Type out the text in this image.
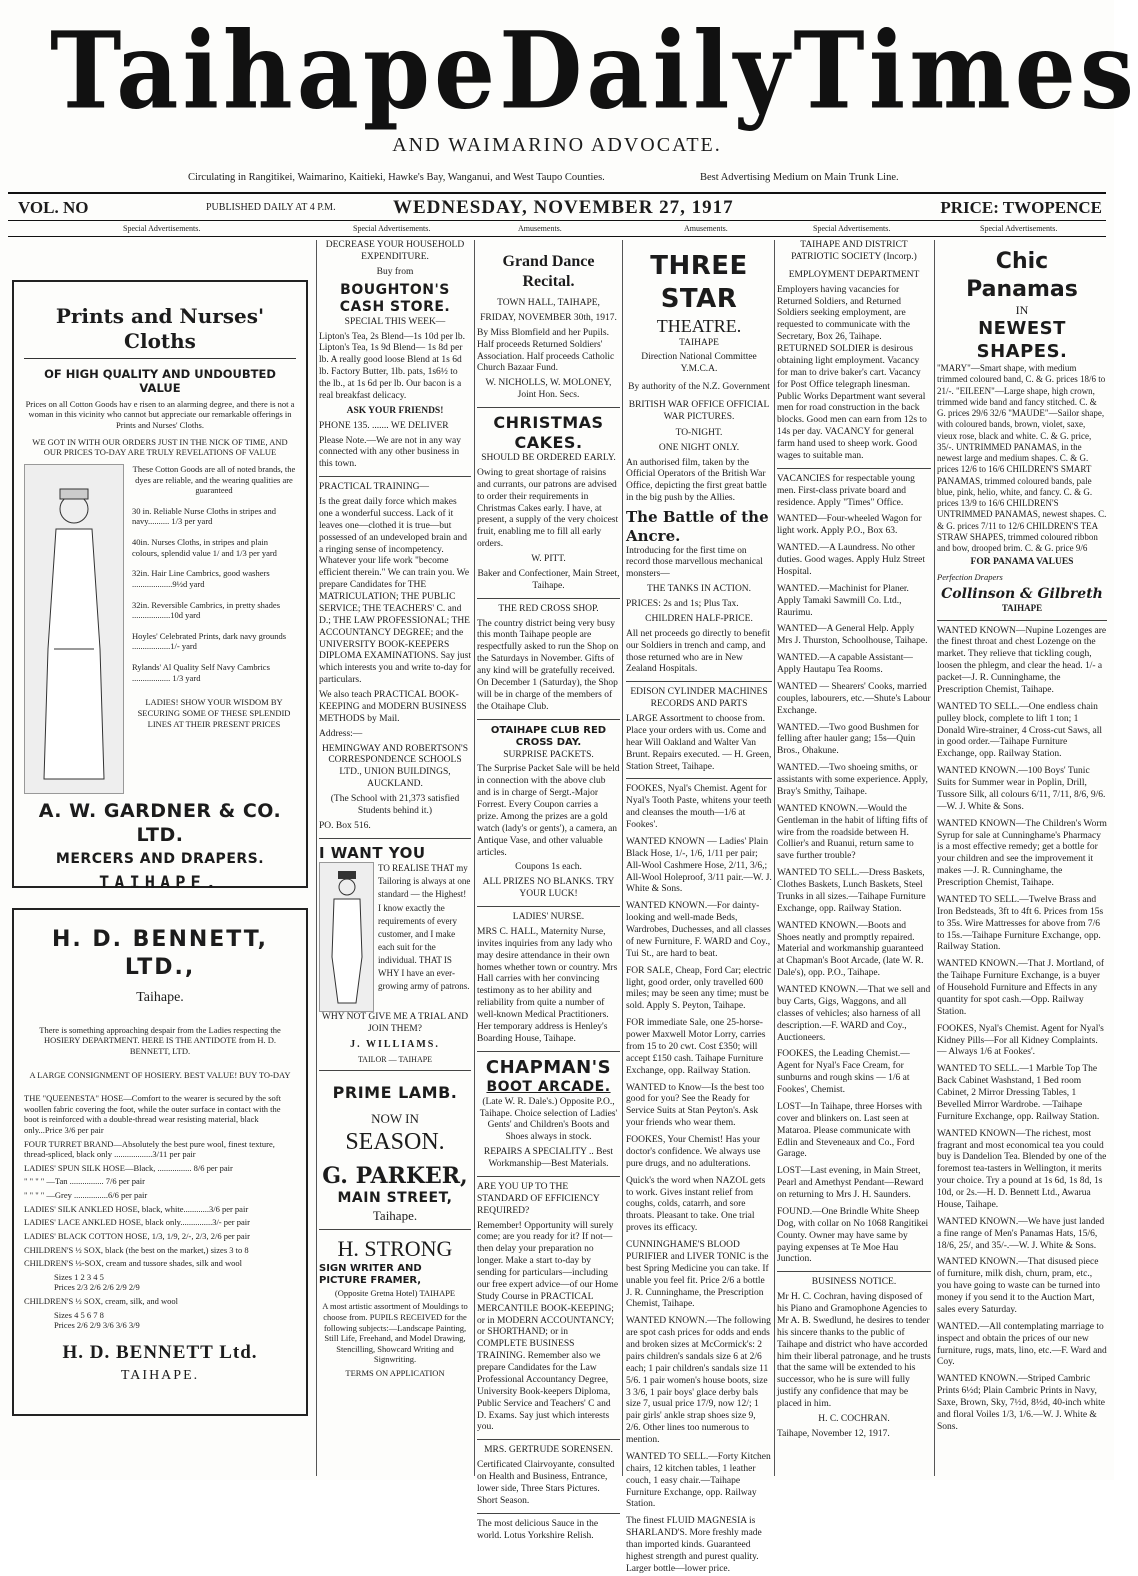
Taihape Daily Times
AND WAIMARINO ADVOCATE.
Circulating in Rangitikei, Waimarino, Kaitieki, Hawke's Bay, Wanganui, and West Taupo Counties.	Best Advertising Medium on Main Trunk Line.
VOL. NO	PUBLISHED DAILY AT 4 P.M.	WEDNESDAY, NOVEMBER 27, 1917	PRICE: TWOPENCE
Special Advertisements.	Special Advertisements.	Amusements.	Amusements.	Special Advertisements.	Special Advertisements.
Prints and Nurses' Cloths
OF HIGH QUALITY AND UNDOUBTED VALUE

Prices on all Cotton Goods hav e risen to an alarming degree, and there is not a woman in this vicinity who cannot but appreciate our remarkable offerings in Prints and Nurses' Cloths.

WE GOT IN WITH OUR ORDERS JUST IN THE NICK OF TIME, AND OUR PRICES TO-DAY ARE TRULY REVELATIONS OF VALUE

These Cotton Goods are all of noted brands, the dyes are reliable, and the wearing qualities are guaranteed

30 in. Reliable Nurse Cloths in stripes and navy.......... 1/3 per yard

40in. Nurses Cloths, in stripes and plain colours, splendid value 1/ and 1/3 per yard

32in. Hair Line Cambrics, good washers ...................9½d yard

32in. Reversible Cambrics, in pretty shades ..................10d yard

Hoyles' Celebrated Prints, dark navy grounds ..................1/- yard

Rylands' Al Quality Self Navy Cambrics .................. 1/3 yard

LADIES! SHOW YOUR WISDOM BY SECURING SOME OF THESE SPLENDID LINES AT THEIR PRESENT PRICES

A. W. GARDNER & CO. LTD.
MERCERS AND DRAPERS.
TAIHAPE.
H. D. BENNETT, LTD.,
Taihape.

There is something approaching despair from the Ladies respecting the HOSIERY DEPARTMENT. HERE IS THE ANTIDOTE from H. D. BENNETT, LTD.

A LARGE CONSIGNMENT OF HOSIERY. BEST VALUE! BUY TO-DAY

THE "QUEENESTA" HOSE—Comfort to the wearer is secured by the soft woollen fabric covering the foot, while the outer surface in contact with the boot is reinforced with a double-thread wear resisting material, black only...Price 3/6 per pair

FOUR TURRET BRAND—Absolutely the best pure wool, finest texture, thread-spliced, black only ..................3/11 per pair

LADIES' SPUN SILK HOSE—Black, ................ 8/6 per pair

" " " " —Tan ................ 7/6 per pair

" " " " —Grey ................6/6 per pair

LADIES' SILK ANKLED HOSE, black, white............3/6 per pair

LADIES' LACE ANKLED HOSE, black only...............3/- per pair

LADIES' BLACK COTTON HOSE, 1/3, 1/9, 2/-, 2/3, 2/6 per pair

CHILDREN'S ½ SOX, black (the best on the market,) sizes 3 to 8

CHILDREN'S ½-SOX, cream and tussore shades, silk and wool

Sizes 1 2 3 4 5

Prices 2/3 2/6 2/6 2/9 2/9

CHILDREN'S ½ SOX, cream, silk, and wool

Sizes 4 5 6 7 8

Prices 2/6 2/9 3/6 3/6 3/9

H. D. BENNETT Ltd.
TAIHAPE.

DECREASE YOUR HOUSEHOLD EXPENDITURE.

Buy from

BOUGHTON'S
CASH STORE.

SPECIAL THIS WEEK—

Lipton's Tea, 2s Blend—1s 10d per lb. Lipton's Tea, 1s 9d Blend— 1s 8d per lb. A really good loose Blend at 1s 6d lb. Factory Butter, 1lb. pats, 1s6½ to the lb., at 1s 6d per lb. Our bacon is a real breakfast delicacy.

ASK YOUR FRIENDS!

PHONE 135. ....... WE DELIVER

Please Note.—We are not in any way connected with any other business in this town.

PRACTICAL TRAINING—

Is the great daily force which makes one a wonderful success. Lack of it leaves one—clothed it is true—but possessed of an undeveloped brain and a ringing sense of incompetency. Whatever your life work "become efficient therein." We can train you. We prepare Candidates for THE MATRICULATION; THE PUBLIC SERVICE; THE TEACHERS' C. and D.; THE LAW PROFESSIONAL; THE ACCOUNTANCY DEGREE; and the UNIVERSITY BOOK-KEEPERS DIPLOMA EXAMINATIONS. Say just which interests you and write to-day for particulars.

We also teach PRACTICAL BOOK-KEEPING and MODERN BUSINESS METHODS by Mail.

Address:—

HEMINGWAY AND ROBERTSON'S CORRESPONDENCE SCHOOLS LTD., UNION BUILDINGS, AUCKLAND.

(The School with 21,373 satisfied Students behind it.)

PO. Box 516.

I WANT YOU

TO REALISE THAT my Tailoring is always at one standard — the Highest! I know exactly the requirements of every customer, and I make each suit for the individual. THAT IS WHY I have an ever-growing army of patrons.

WHY NOT GIVE ME A TRIAL AND JOIN THEM?

J. WILLIAMS.

TAILOR — TAIHAPE

PRIME LAMB.
NOW IN
SEASON.
G. PARKER,
MAIN STREET,
Taihape.
H. STRONG
SIGN WRITER AND PICTURE FRAMER,

(Opposite Gretna Hotel) TAIHAPE

A most artistic assortment of Mouldings to choose from. PUPILS RECEIVED for the following subjects:—Landscape Painting, Still Life, Freehand, and Model Drawing, Stencilling, Showcard Writing and Signwriting.

TERMS ON APPLICATION

Grand Dance Recital.

TOWN HALL, TAIHAPE,

FRIDAY, NOVEMBER 30th, 1917.

By Miss Blomfield and her Pupils. Half proceeds Returned Soldiers' Association. Half proceeds Catholic Church Bazaar Fund.

W. NICHOLLS, W. MOLONEY, Joint Hon. Secs.

CHRISTMAS CAKES.

SHOULD BE ORDERED EARLY.

Owing to great shortage of raisins and currants, our patrons are advised to order their requirements in Christmas Cakes early. I have, at present, a supply of the very choicest fruit, enabling me to fill all early orders.

W. PITT.

Baker and Confectioner, Main Street, Taihape.

THE RED CROSS SHOP.

The country district being very busy this month Taihape people are respectfully asked to run the Shop on the Saturdays in November. Gifts of any kind will be gratefully received. On December 1 (Saturday), the Shop will be in charge of the members of the Otaihape Club.

OTAIHAPE CLUB RED CROSS DAY.

SURPRISE PACKETS.

The Surprise Packet Sale will be held in connection with the above club and is in charge of Sergt.-Major Forrest. Every Coupon carries a prize. Among the prizes are a gold watch (lady's or gents'), a camera, an Antique Vase, and other valuable articles.

Coupons 1s each.

ALL PRIZES NO BLANKS. TRY YOUR LUCK!

LADIES' NURSE.

MRS C. HALL, Maternity Nurse, invites inquiries from any lady who may desire attendance in their own homes whether town or country. Mrs Hall carries with her convincing testimony as to her ability and reliability from quite a number of well-known Medical Practitioners. Her temporary address is Henley's Boarding House, Taihape.

CHAPMAN'S
BOOT ARCADE.

(Late W. R. Dale's.) Opposite P.O., Taihape. Choice selection of Ladies' Gents' and Children's Boots and Shoes always in stock.

REPAIRS A SPECIALITY .. Best Workmanship—Best Materials.

ARE YOU UP TO THE STANDARD OF EFFICIENCY REQUIRED?

Remember! Opportunity will surely come; are you ready for it? If not—then delay your preparation no longer. Make a start to-day by sending for particulars—including our free expert advice—of our Home Study Course in PRACTICAL MERCANTILE BOOK-KEEPING; or in MODERN ACCOUNTANCY; or SHORTHAND; or in COMPLETE BUSINESS TRAINING. Remember also we prepare Candidates for the Law Professional Accountancy Degree, University Book-keepers Diploma, Public Service and Teachers' C and D. Exams. Say just which interests you.

MRS. GERTRUDE SORENSEN.

Certificated Clairvoyante, consulted on Health and Business, Entrance, lower side, Three Stars Pictures. Short Season.

The most delicious Sauce in the world. Lotus Yorkshire Relish.

THREE STAR
THEATRE.

TAIHAPE

Direction National Committee Y.M.C.A.

By authority of the N.Z. Government

BRITISH WAR OFFICE OFFICIAL WAR PICTURES.

TO-NIGHT.

ONE NIGHT ONLY.

An authorised film, taken by the Official Operators of the British War Office, depicting the first great battle in the big push by the Allies.

The Battle of the Ancre.

Introducing for the first time on record those marvellous mechanical monsters—

THE TANKS IN ACTION.

PRICES: 2s and 1s; Plus Tax.

CHILDREN HALF-PRICE.

All net proceeds go directly to benefit our Soldiers in trench and camp, and those returned who are in New Zealand Hospitals.

EDISON CYLINDER MACHINES RECORDS AND PARTS

LARGE Assortment to choose from. Place your orders with us. Come and hear Will Oakland and Walter Van Brunt. Repairs executed. — H. Green, Station Street, Taihape.

FOOKES, Nyal's Chemist. Agent for Nyal's Tooth Paste, whitens your teeth and cleanses the mouth—1/6 at Fookes'.

WANTED KNOWN — Ladies' Plain Black Hose, 1/-, 1/6, 1/11 per pair; All-Wool Cashmere Hose, 2/11, 3/6,; All-Wool Holeproof, 3/11 pair.—W. J. White & Sons.

WANTED KNOWN.—For dainty-looking and well-made Beds, Wardrobes, Duchesses, and all classes of new Furniture, F. WARD and Coy., Tui St., are hard to beat.

FOR SALE, Cheap, Ford Car; electric light, good order, only travelled 600 miles; may be seen any time; must be sold. Apply S. Peyton, Taihape.

FOR immediate Sale, one 25-horse-power Maxwell Motor Lorry, carries from 15 to 20 cwt. Cost £350; will accept £150 cash. Taihape Furniture Exchange, opp. Railway Station.

WANTED to Know—Is the best too good for you? See the Ready for Service Suits at Stan Peyton's. Ask your friends who wear them.

FOOKES, Your Chemist! Has your doctor's confidence. We always use pure drugs, and no adulterations.

Quick's the word when NAZOL gets to work. Gives instant relief from coughs, colds, catarrh, and sore throats. Pleasant to take. One trial proves its efficacy.

CUNNINGHAME'S BLOOD PURIFIER and LIVER TONIC is the best Spring Medicine you can take. If unable you feel fit. Price 2/6 a bottle J. R. Cunninghame, the Prescription Chemist, Taihape.

WANTED KNOWN.—The following are spot cash prices for odds and ends and broken sizes at McCormick's: 2 pairs children's sandals size 6 at 2/6 each; 1 pair children's sandals size 11 5/6. 1 pair women's house boots, size 3 3/6, 1 pair boys' glace derby bals size 7, usual price 17/9, now 12/; 1 pair girls' ankle strap shoes size 9, 2/6. Other lines too numerous to mention.

WANTED TO SELL.—Forty Kitchen chairs, 12 kitchen tables, 1 leather couch, 1 easy chair.—Taihape Furniture Exchange, opp. Railway Station.

The finest FLUID MAGNESIA is SHARLAND'S. More freshly made than imported kinds. Guaranteed highest strength and purest quality. Larger bottle—lower price.

TAIHAPE AND DISTRICT PATRIOTIC SOCIETY (Incorp.)

EMPLOYMENT DEPARTMENT

Employers having vacancies for Returned Soldiers, and Returned Soldiers seeking employment, are requested to communicate with the Secretary, Box 26, Taihape. RETURNED SOLDIER is desirous obtaining light employment. Vacancy for man to drive baker's cart. Vacancy for Post Office telegraph linesman. Public Works Department want several men for road construction in the back blocks. Good men can earn from 12s to 14s per day. VACANCY for general farm hand used to sheep work. Good wages to suitable man.

VACANCIES for respectable young men. First-class private board and residence. Apply "Times" Office.

WANTED—Four-wheeled Wagon for light work. Apply P.O., Box 63.

WANTED.—A Laundress. No other duties. Good wages. Apply Hulz Street Hospital.

WANTED.—Machinist for Planer. Apply Tamaki Sawmill Co. Ltd., Raurimu.

WANTED—A General Help. Apply Mrs J. Thurston, Schoolhouse, Taihape.

WANTED.—A capable Assistant—Apply Hautapu Tea Rooms.

WANTED — Shearers' Cooks, married couples, labourers, etc.—Shute's Labour Exchange.

WANTED.—Two good Bushmen for felling after hauler gang; 15s—Quin Bros., Ohakune.

WANTED.—Two shoeing smiths, or assistants with some experience. Apply, Bray's Smithy, Taihape.

WANTED KNOWN.—Would the Gentleman in the habit of lifting fifts of wire from the roadside between H. Collier's and Ruanui, return same to save further trouble?

WANTED TO SELL.—Dress Baskets, Clothes Baskets, Lunch Baskets, Steel Trunks in all sizes.—Taihape Furniture Exchange, opp. Railway Station.

WANTED KNOWN.—Boots and Shoes neatly and promptly repaired. Material and workmanship guaranteed at Chapman's Boot Arcade, (late W. R. Dale's), opp. P.O., Taihape.

WANTED KNOWN.—That we sell and buy Carts, Gigs, Waggons, and all classes of vehicles; also harness of all description.—F. WARD and Coy., Auctioneers.

FOOKES, the Leading Chemist.—Agent for Nyal's Face Cream, for sunburns and rough skins — 1/6 at Fookes', Chemist.

LOST—In Taihape, three Horses with cover and blinkers on. Last seen at Mataroa. Please communicate with Edlin and Steveneaux and Co., Ford Garage.

LOST—Last evening, in Main Street, Pearl and Amethyst Pendant—Reward on returning to Mrs J. H. Saunders.

FOUND.—One Brindle White Sheep Dog, with collar on No 1068 Rangitikei County. Owner may have same by paying expenses at Te Moe Hau Junction.

BUSINESS NOTICE.

Mr H. C. Cochran, having disposed of his Piano and Gramophone Agencies to Mr A. B. Swedlund, he desires to tender his sincere thanks to the public of Taihape and district who have accorded him their liberal patronage, and he trusts that the same will be extended to his successor, who he is sure will fully justify any confidence that may be placed in him.

H. C. COCHRAN.

Taihape, November 12, 1917.

Chic Panamas
IN
NEWEST SHAPES.

"MARY"—Smart shape, with medium trimmed coloured band, C. & G. prices 18/6 to 21/-. "EILEEN"—Large shape, high crown, trimmed wide band and fancy stitched. C. & G. prices 29/6 32/6 "MAUDE"—Sailor shape, with coloured bands, brown, violet, saxe, vieux rose, black and white. C. & G. price, 35/-. UNTRIMMED PANAMAS, in the newest large and medium shapes. C. & G. prices 12/6 to 16/6 CHILDREN'S SMART PANAMAS, trimmed coloured bands, pale blue, pink, helio, white, and fancy. C. & G. prices 13/9 to 16/6 CHILDREN'S UNTRIMMED PANAMAS, newest shapes. C. & G. prices 7/11 to 12/6 CHILDREN'S TEA STRAW SHAPES, trimmed coloured ribbon and bow, drooped brim. C. & G. price 9/6

FOR PANAMA VALUES

Perfection Drapers

Collinson & Gilbreth

TAIHAPE

WANTED KNOWN—Nupine Lozenges are the finest throat and chest Lozenge on the market. They relieve that tickling cough, loosen the phlegm, and clear the head. 1/- a packet—J. R. Cunninghame, the Prescription Chemist, Taihape.

WANTED TO SELL.—One endless chain pulley block, complete to lift 1 ton; 1 Donald Wire-strainer, 4 Cross-cut Saws, all in good order.—Taihape Furniture Exchange, opp. Railway Station.

WANTED KNOWN.—100 Boys' Tunic Suits for Summer wear in Poplin, Drill, Tussore Silk, all colours 6/11, 7/11, 8/6, 9/6.—W. J. White & Sons.

WANTED KNOWN—The Children's Worm Syrup for sale at Cunninghame's Pharmacy is a most effective remedy; get a bottle for your children and see the improvement it makes —J. R. Cunninghame, the Prescription Chemist, Taihape.

WANTED TO SELL.—Twelve Brass and Iron Bedsteads, 3ft to 4ft 6. Prices from 15s to 35s. Wire Mattresses for above from 7/6 to 15s.—Taihape Furniture Exchange, opp. Railway Station.

WANTED KNOWN.—That J. Mortland, of the Taihape Furniture Exchange, is a buyer of Household Furniture and Effects in any quantity for spot cash.—Opp. Railway Station.

FOOKES, Nyal's Chemist. Agent for Nyal's Kidney Pills—For all Kidney Complaints. — Always 1/6 at Fookes'.

WANTED TO SELL.—1 Marble Top The Back Cabinet Washstand, 1 Bed room Cabinet, 2 Mirror Dressing Tables, 1 Bevelled Mirror Wardrobe. —Taihape Furniture Exchange, opp. Railway Station.

WANTED KNOWN—The richest, most fragrant and most economical tea you could buy is Dandelion Tea. Blended by one of the foremost tea-tasters in Wellington, it merits your choice. Try a pound at 1s 6d, 1s 8d, 1s 10d, or 2s.—H. D. Bennett Ltd., Awarua House, Taihape.

WANTED KNOWN.—We have just landed a fine range of Men's Panamas Hats, 15/6, 18/6, 25/, and 35/-.—W. J. White & Sons.

WANTED KNOWN.—That disused piece of furniture, milk dish, churn, pram, etc., you have going to waste can be turned into money if you send it to the Auction Mart, sales every Saturday.

WANTED.—All contemplating marriage to inspect and obtain the prices of our new furniture, rugs, mats, lino, etc.—F. Ward and Coy.

WANTED KNOWN.—Striped Cambric Prints 6½d; Plain Cambric Prints in Navy, Saxe, Brown, Sky, 7½d, 8½d, 40-inch white and floral Voiles 1/3, 1/6.—W. J. White & Sons.
